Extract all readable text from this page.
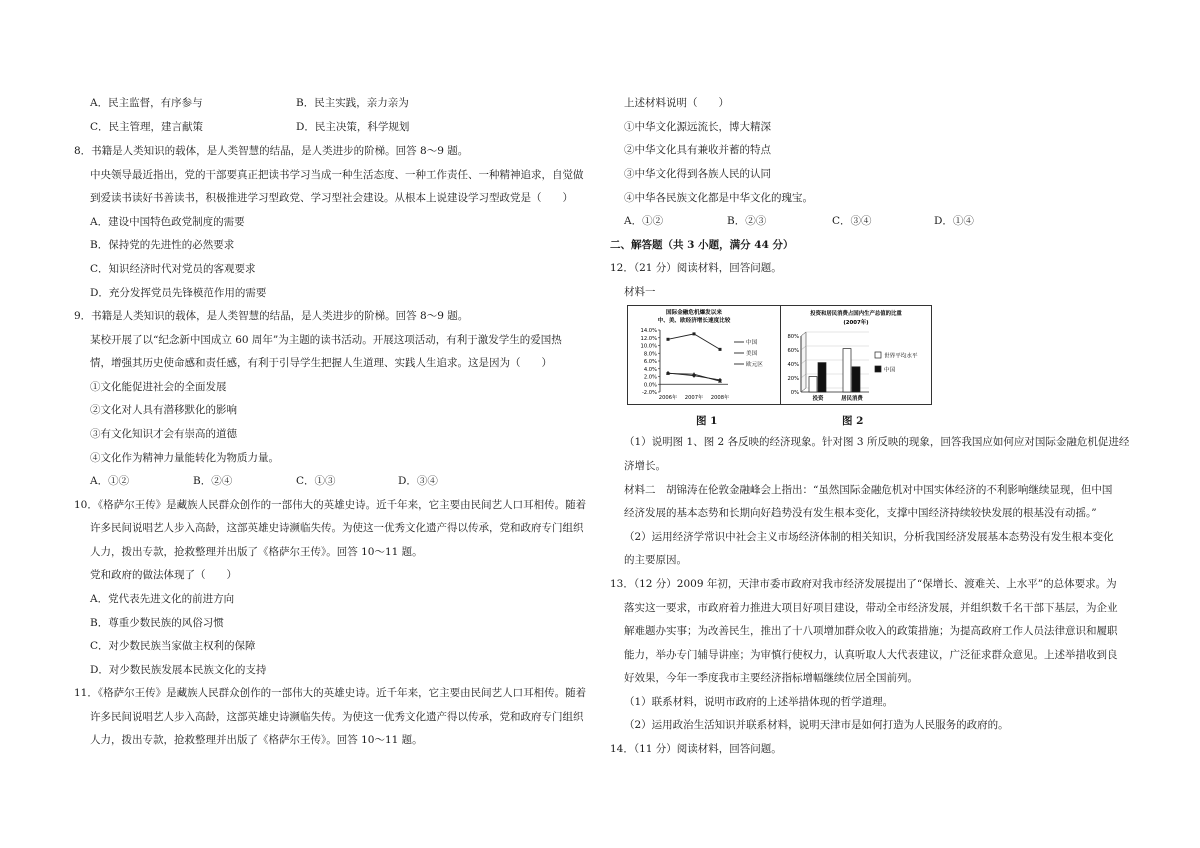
A．民主监督，有序参与	B．民主实践，亲力亲为
C．民主管理，建言献策	D．民主决策，科学规划
8．书籍是人类知识的载体，是人类智慧的结晶，是人类进步的阶梯。回答 8～9 题。
中央领导最近指出，党的干部要真正把读书学习当成一种生活态度、一种工作责任、一种精神追求，自觉做
到爱读书读好书善读书，积极推进学习型政党、学习型社会建设。从根本上说建设学习型政党是（　　）
A．建设中国特色政党制度的需要
B．保持党的先进性的必然要求
C．知识经济时代对党员的客观要求
D．充分发挥党员先锋模范作用的需要
9．书籍是人类知识的载体，是人类智慧的结晶，是人类进步的阶梯。回答 8～9 题。
某校开展了以“纪念新中国成立 60 周年”为主题的读书活动。开展这项活动，有利于激发学生的爱国热
情，增强其历史使命感和责任感，有利于引导学生把握人生道理、实践人生追求。这是因为（　　）
①文化能促进社会的全面发展
②文化对人具有潜移默化的影响
③有文化知识才会有崇高的道德
④文化作为精神力量能转化为物质力量。
A．①②	B．②④	C．①③	D．③④
10．《格萨尔王传》是藏族人民群众创作的一部伟大的英雄史诗。近千年来，它主要由民间艺人口耳相传。随着
许多民间说唱艺人步入高龄，这部英雄史诗濒临失传。为使这一优秀文化遗产得以传承，党和政府专门组织
人力，拨出专款，抢救整理并出版了《格萨尔王传》。回答 10～11 题。
党和政府的做法体现了（　　）
A．党代表先进文化的前进方向
B．尊重少数民族的风俗习惯
C．对少数民族当家做主权利的保障
D．对少数民族发展本民族文化的支持
11．《格萨尔王传》是藏族人民群众创作的一部伟大的英雄史诗。近千年来，它主要由民间艺人口耳相传。随着
许多民间说唱艺人步入高龄，这部英雄史诗濒临失传。为使这一优秀文化遗产得以传承，党和政府专门组织
人力，拨出专款，抢救整理并出版了《格萨尔王传》。回答 10～11 题。
上述材料说明（　　）
①中华文化源远流长，博大精深
②中华文化具有兼收并蓄的特点
③中华文化得到各族人民的认同
④中华各民族文化都是中华文化的瑰宝。
A．①②	B．②③	C．③④	D．①④
二、解答题（共 3 小题，满分 44 分）
12．（21 分）阅读材料，回答问题。
材料一
国际金融危机爆发以来
中、美、欧经济增长速度比较
14.0%
12.0%
10.0%
8.0%
6.0%
4.0%
2.0%
0.0%
-2.0%
2006年 2007年 2008年
中国
美国
欧元区
投资和居民消费占国内生产总值的比重
(2007年)
80%
60%
40%
20%
0%
投资	居民消费
世界平均水平
中国
图 1	图 2
（1）说明图 1、图 2 各反映的经济现象。针对图 3 所反映的现象，回答我国应如何应对国际金融危机促进经
济增长。
材料二　胡锦涛在伦敦金融峰会上指出：“虽然国际金融危机对中国实体经济的不利影响继续显现，但中国
经济发展的基本态势和长期向好趋势没有发生根本变化，支撑中国经济持续较快发展的根基没有动摇。”
（2）运用经济学常识中社会主义市场经济体制的相关知识，分析我国经济发展基本态势没有发生根本变化
的主要原因。
13．（12 分）2009 年初，天津市委市政府对我市经济发展提出了“保增长、渡难关、上水平”的总体要求。为
落实这一要求，市政府着力推进大项目好项目建设，带动全市经济发展，并组织数千名干部下基层，为企业
解难题办实事；为改善民生，推出了十八项增加群众收入的政策措施；为提高政府工作人员法律意识和履职
能力，举办专门辅导讲座；为审慎行使权力，认真听取人大代表建议，广泛征求群众意见。上述举措收到良
好效果，今年一季度我市主要经济指标增幅继续位居全国前列。
（1）联系材料，说明市政府的上述举措体现的哲学道理。
（2）运用政治生活知识并联系材料，说明天津市是如何打造为人民服务的政府的。
14．（11 分）阅读材料，回答问题。
